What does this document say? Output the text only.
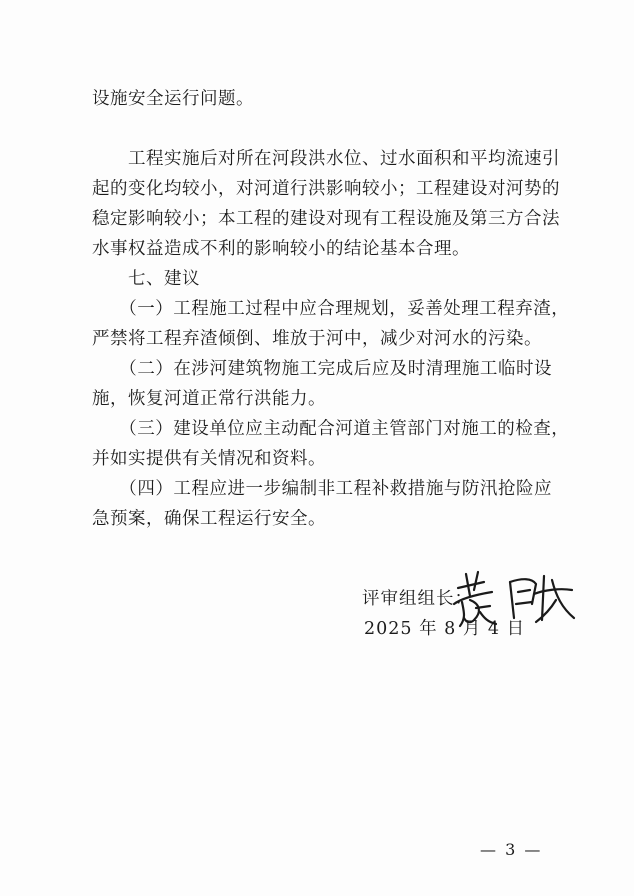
设施安全运行问题。
　　工程实施后对所在河段洪水位、过水面积和平均流速引
起的变化均较小，对河道行洪影响较小；工程建设对河势的
稳定影响较小；本工程的建设对现有工程设施及第三方合法
水事权益造成不利的影响较小的结论基本合理。
　　七、建议
　　（一）工程施工过程中应合理规划，妥善处理工程弃渣，
严禁将工程弃渣倾倒、堆放于河中，减少对河水的污染。
　　（二）在涉河建筑物施工完成后应及时清理施工临时设
施，恢复河道正常行洪能力。
　　（三）建设单位应主动配合河道主管部门对施工的检查，
并如实提供有关情况和资料。
　　（四）工程应进一步编制非工程补救措施与防汛抢险应
急预案，确保工程运行安全。
评审组组长：
2025 年 8 月 4 日
— 3 —
